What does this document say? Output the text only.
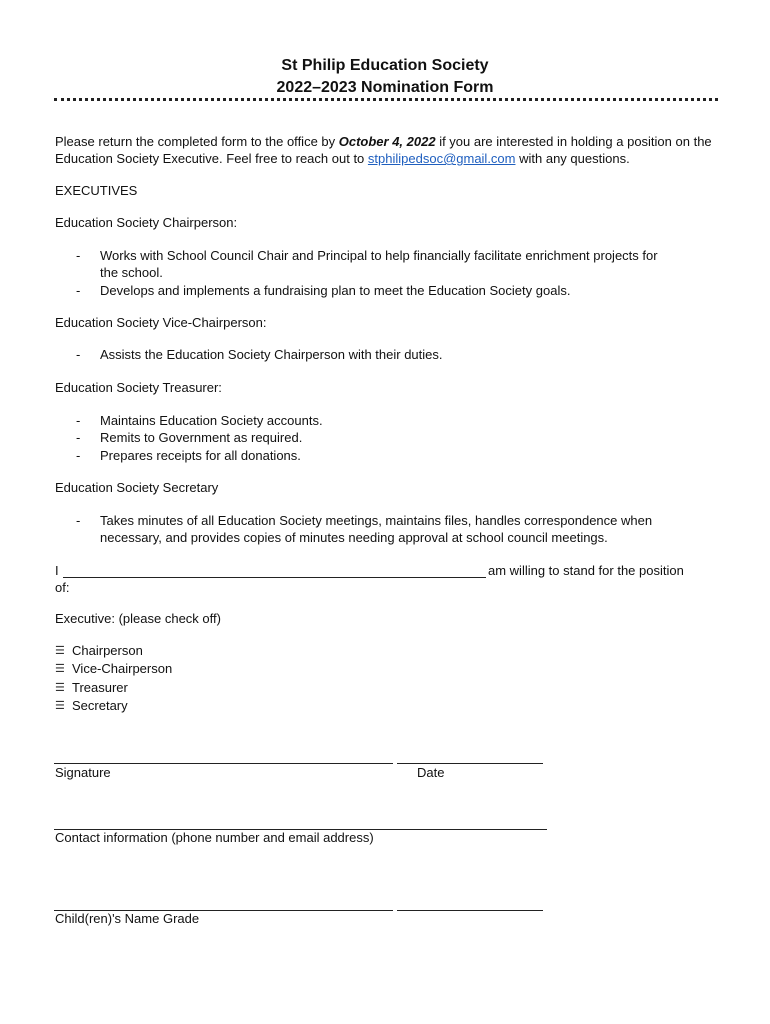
St Philip Education Society
2022–2023 Nomination Form
Please return the completed form to the office by October 4, 2022 if you are interested in holding a position on the Education Society Executive. Feel free to reach out to stphilipedsoc@gmail.com with any questions.
EXECUTIVES
Education Society Chairperson:
- Works with School Council Chair and Principal to help financially facilitate enrichment projects for
the school.
- Develops and implements a fundraising plan to meet the Education Society goals.
Education Society Vice-Chairperson:
- Assists the Education Society Chairperson with their duties.
Education Society Treasurer:
- Maintains Education Society accounts.
- Remits to Government as required.
- Prepares receipts for all donations.
Education Society Secretary
- Takes minutes of all Education Society meetings, maintains files, handles correspondence when
necessary, and provides copies of minutes needing approval at school council meetings.
I	am willing to stand for the position
of:
Executive: (please check off)
☰ Chairperson
☰ Vice-Chairperson
☰ Treasurer
☰ Secretary
Signature	Date
Contact information (phone number and email address)
Child(ren)'s Name Grade
